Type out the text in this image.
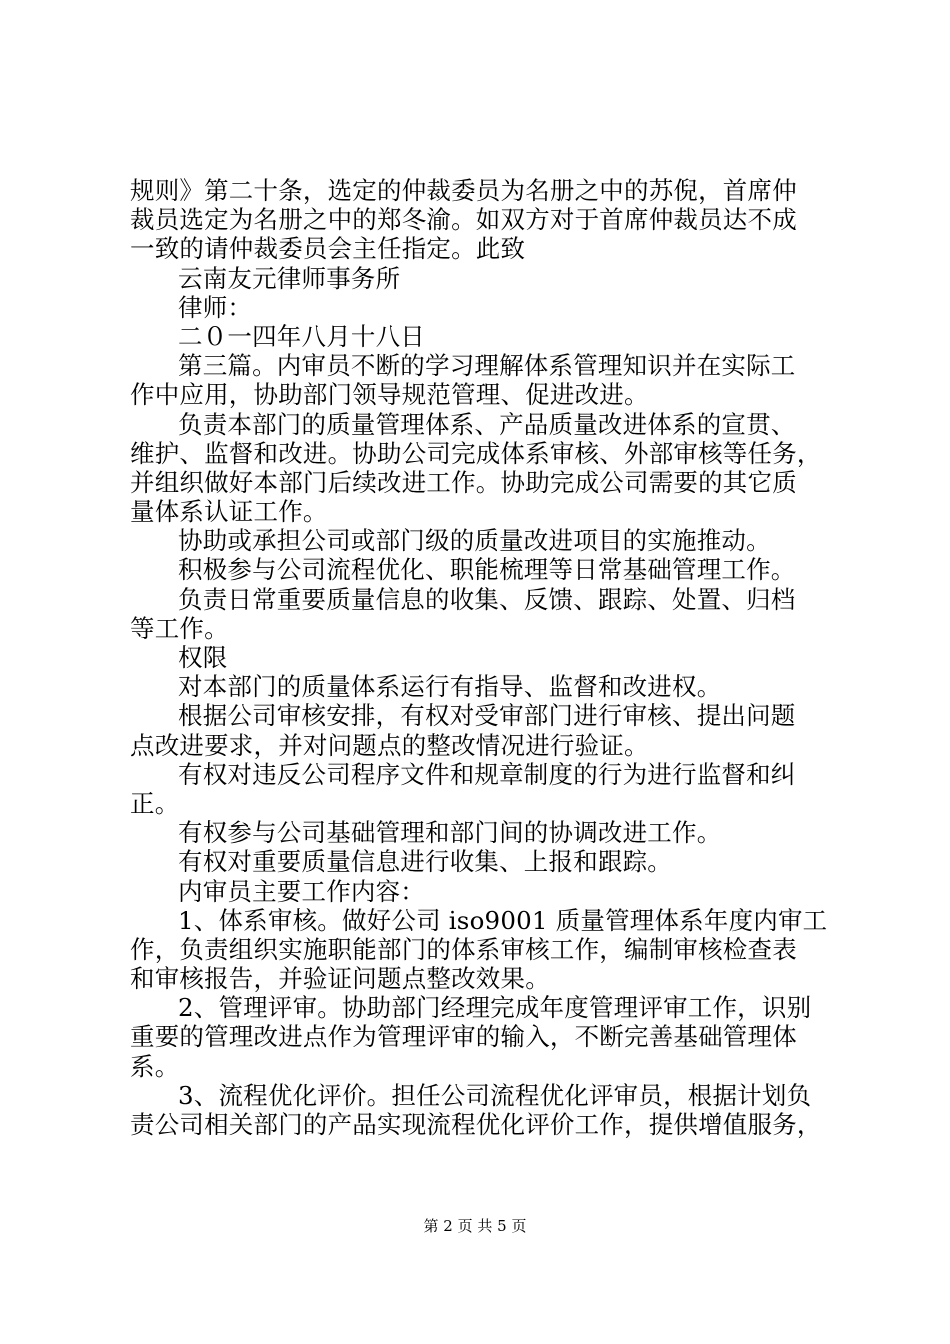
规则》第二十条，选定的仲裁委员为名册之中的苏倪，首席仲
裁员选定为名册之中的郑冬渝。如双方对于首席仲裁员达不成
一致的请仲裁委员会主任指定。此致
云南友元律师事务所
律师：
二０一四年八月十八日
第三篇。内审员不断的学习理解体系管理知识并在实际工
作中应用，协助部门领导规范管理、促进改进。
负责本部门的质量管理体系、产品质量改进体系的宣贯、
维护、监督和改进。协助公司完成体系审核、外部审核等任务，
并组织做好本部门后续改进工作。协助完成公司需要的其它质
量体系认证工作。
协助或承担公司或部门级的质量改进项目的实施推动。
积极参与公司流程优化、职能梳理等日常基础管理工作。
负责日常重要质量信息的收集、反馈、跟踪、处置、归档
等工作。
权限
对本部门的质量体系运行有指导、监督和改进权。
根据公司审核安排，有权对受审部门进行审核、提出问题
点改进要求，并对问题点的整改情况进行验证。
有权对违反公司程序文件和规章制度的行为进行监督和纠
正。
有权参与公司基础管理和部门间的协调改进工作。
有权对重要质量信息进行收集、上报和跟踪。
内审员主要工作内容：
1、体系审核。做好公司 iso9001 质量管理体系年度内审工
作，负责组织实施职能部门的体系审核工作，编制审核检查表
和审核报告，并验证问题点整改效果。
2、管理评审。协助部门经理完成年度管理评审工作，识别
重要的管理改进点作为管理评审的输入，不断完善基础管理体
系。
3、流程优化评价。担任公司流程优化评审员，根据计划负
责公司相关部门的产品实现流程优化评价工作，提供增值服务，
第 2 页 共 5 页
